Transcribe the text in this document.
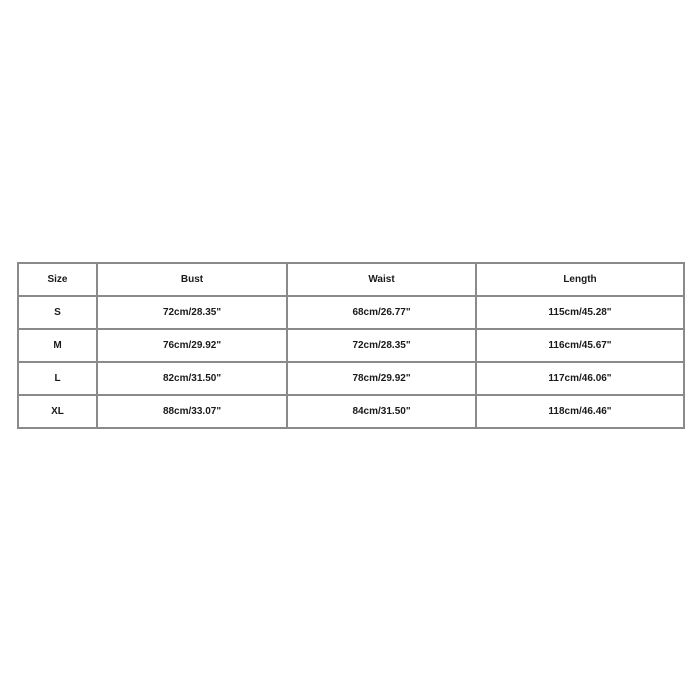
Size	Bust	Waist	Length
S	72cm/28.35"	68cm/26.77"	115cm/45.28"
M	76cm/29.92"	72cm/28.35"	116cm/45.67"
L	82cm/31.50"	78cm/29.92"	117cm/46.06"
XL	88cm/33.07"	84cm/31.50"	118cm/46.46"
